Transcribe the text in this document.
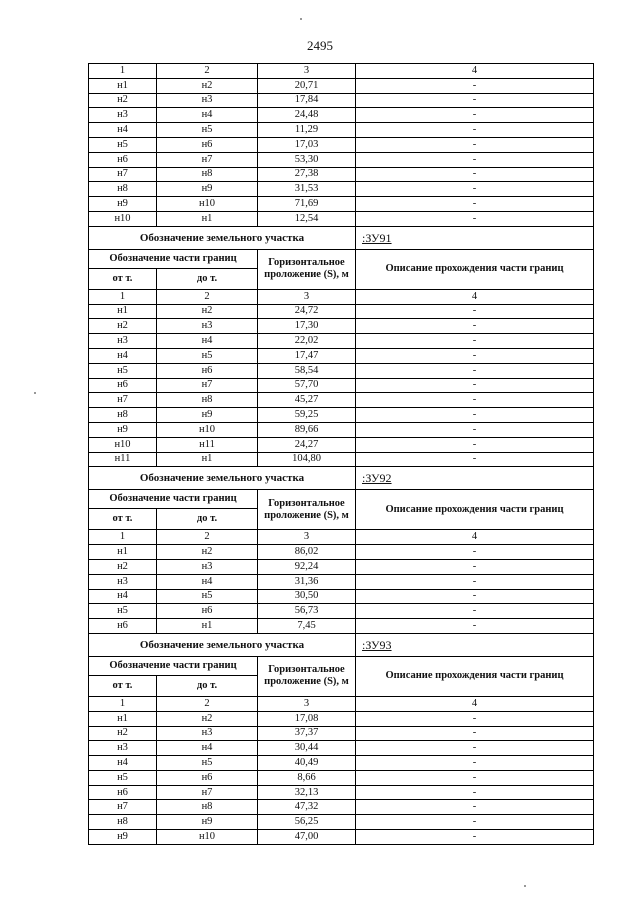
2495
1	2	3	4
н1	н2	20,71	-
н2	н3	17,84	-
н3	н4	24,48	-
н4	н5	11,29	-
н5	н6	17,03	-
н6	н7	53,30	-
н7	н8	27,38	-
н8	н9	31,53	-
н9	н10	71,69	-
н10	н1	12,54	-
Обозначение земельного участка			:ЗУ91
Обозначение части границ		Горизонтальное проложение (S), м	Описание прохождения части границ
от т.	до т.		
1	2	3	4
н1	н2	24,72	-
н2	н3	17,30	-
н3	н4	22,02	-
н4	н5	17,47	-
н5	н6	58,54	-
н6	н7	57,70	-
н7	н8	45,27	-
н8	н9	59,25	-
н9	н10	89,66	-
н10	н11	24,27	-
н11	н1	104,80	-
Обозначение земельного участка			:ЗУ92
Обозначение части границ		Горизонтальное проложение (S), м	Описание прохождения части границ
от т.	до т.		
1	2	3	4
н1	н2	86,02	-
н2	н3	92,24	-
н3	н4	31,36	-
н4	н5	30,50	-
н5	н6	56,73	-
н6	н1	7,45	-
Обозначение земельного участка			:ЗУ93
Обозначение части границ		Горизонтальное проложение (S), м	Описание прохождения части границ
от т.	до т.		
1	2	3	4
н1	н2	17,08	-
н2	н3	37,37	-
н3	н4	30,44	-
н4	н5	40,49	-
н5	н6	8,66	-
н6	н7	32,13	-
н7	н8	47,32	-
н8	н9	56,25	-
н9	н10	47,00	-
